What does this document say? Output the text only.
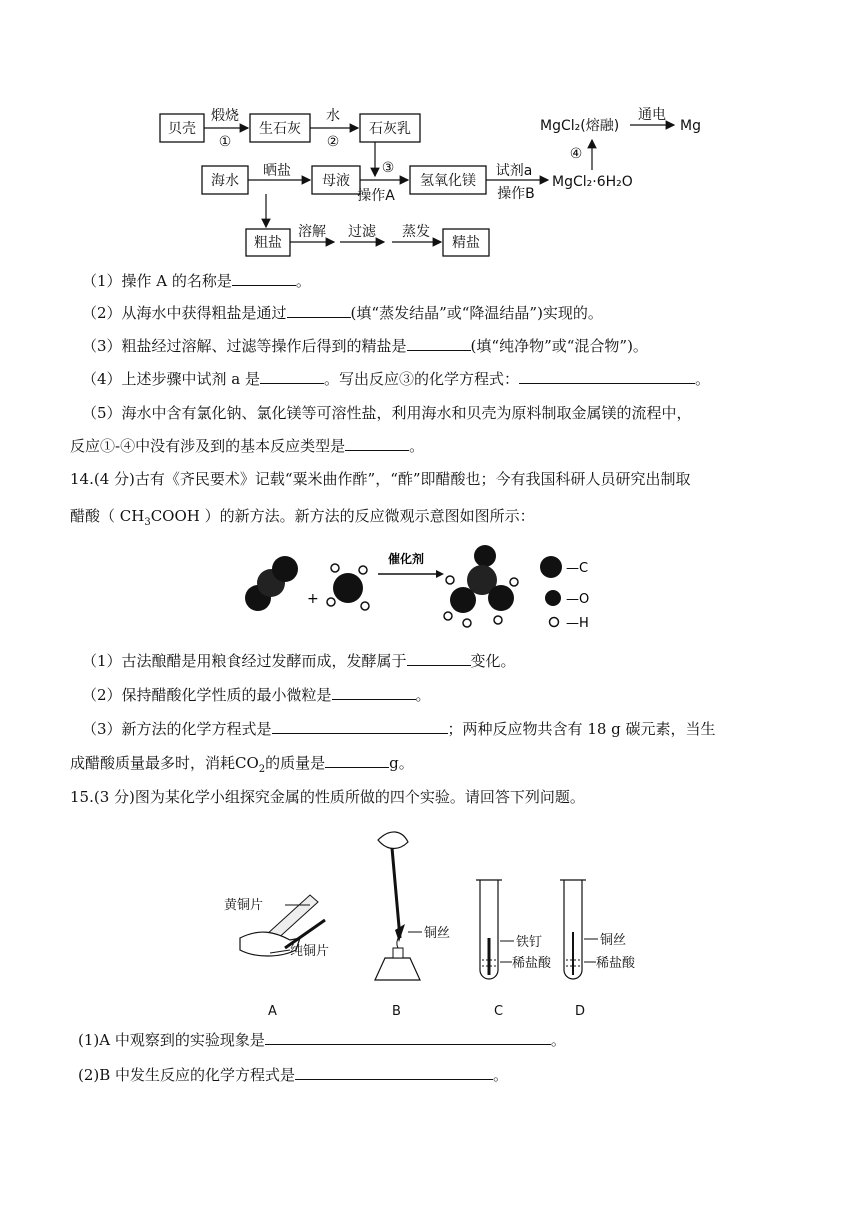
贝壳	生石灰	石灰乳
海水	母液	氢氧化镁
粗盐	精盐
煅烧
①
水
②
③
操作A
晒盐	试剂a
操作B
MgCl₂·6H₂O
④
MgCl₂(熔融)
通电
Mg
溶解 过滤 蒸发
（1）操作 A 的名称是	。
（2）从海水中获得粗盐是通过	(填“蒸发结晶”或“降温结晶”)实现的。
（3）粗盐经过溶解、过滤等操作后得到的精盐是	(填“纯净物”或“混合物”)。
（4）上述步骤中试剂 a 是	。写出反应③的化学方程式：	。
（5）海水中含有氯化钠、氯化镁等可溶性盐，利用海水和贝壳为原料制取金属镁的流程中，
反应①-④中没有涉及到的基本反应类型是	。
14.(4 分)古有《齐民要术》记载“粟米曲作酢”，“酢”即醋酸也；今有我国科研人员研究出制取
醋酸（ $CH_3COOH$ ）的新方法。新方法的反应微观示意图如图所示：
+
催化剂
—C
—O
—H
（1）古法酿醋是用粮食经过发酵而成，发酵属于	变化。
（2）保持醋酸化学性质的最小微粒是	。
（3）新方法的化学方程式是	；两种反应物共含有 18 g 碳元素，当生
成醋酸质量最多时，消耗$CO_2$的质量是	g。
15.(3 分)图为某化学小组探究金属的性质所做的四个实验。请回答下列问题。
黄铜片
纯铜片
A
铜丝
B
铁钉
稀盐酸
C
铜丝
稀盐酸
D
(1)A 中观察到的实验现象是	。
(2)B 中发生反应的化学方程式是	。
